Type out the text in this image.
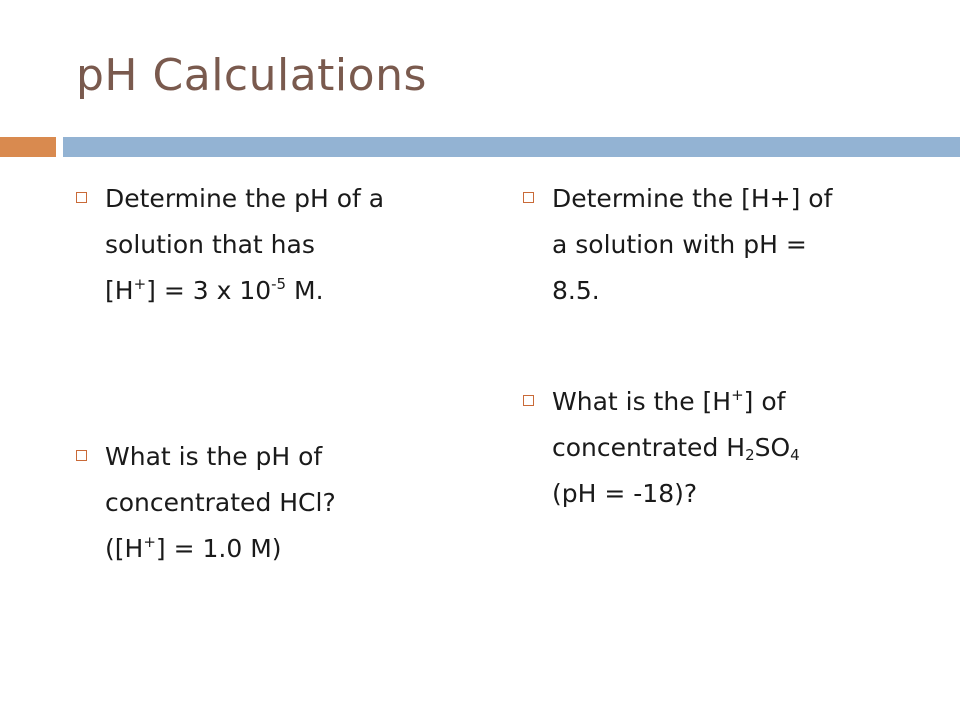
pH Calculations
Determine the pH of a
solution that has
[H+] = 3 x $10^{-5}$ M.
What is the pH of
concentrated HCl?
([H+] = 1.0 M)
Determine the [H+] of
a solution with pH =
8.5.
What is the [H+] of
concentrated $H_2SO_4$
(pH = -18)?
